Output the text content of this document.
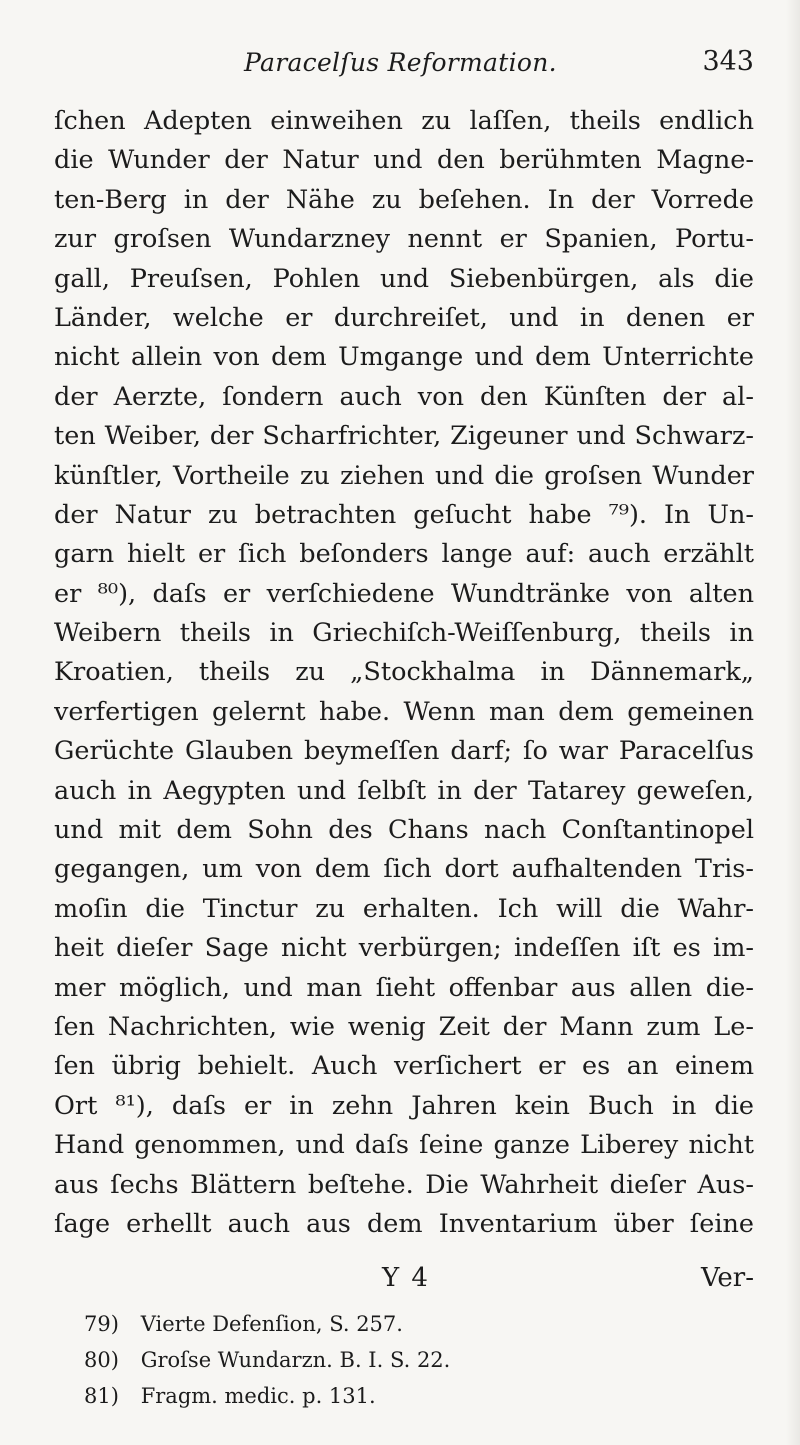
Paracelſus Reformation.	343
ſchen Adepten einweihen zu laſſen, theils endlich
die Wunder der Natur und den berühmten Magne-
ten-Berg in der Nähe zu beſehen. In der Vorrede
zur groſsen Wundarzney nennt er Spanien, Portu-
gall, Preuſsen, Pohlen und Siebenbürgen, als die
Länder, welche er durchreiſet, und in denen er
nicht allein von dem Umgange und dem Unterrichte
der Aerzte, ſondern auch von den Künſten der al-
ten Weiber, der Scharfrichter, Zigeuner und Schwarz-
künſtler, Vortheile zu ziehen und die groſsen Wunder
der Natur zu betrachten geſucht habe ⁷⁹). In Un-
garn hielt er ſich beſonders lange auf: auch erzählt
er ⁸⁰), daſs er verſchiedene Wundtränke von alten
Weibern theils in Griechiſch-Weiſſenburg, theils in
Kroatien, theils zu „Stockhalma in Dännemark„
verfertigen gelernt habe. Wenn man dem gemeinen
Gerüchte Glauben beymeſſen darf; ſo war Paracelſus
auch in Aegypten und ſelbſt in der Tatarey geweſen,
und mit dem Sohn des Chans nach Conſtantinopel
gegangen, um von dem ſich dort aufhaltenden Tris-
moſin die Tinctur zu erhalten. Ich will die Wahr-
heit dieſer Sage nicht verbürgen; indeſſen iſt es im-
mer möglich, und man ſieht offenbar aus allen die-
ſen Nachrichten, wie wenig Zeit der Mann zum Le-
ſen übrig behielt. Auch verſichert er es an einem
Ort ⁸¹), daſs er in zehn Jahren kein Buch in die
Hand genommen, und daſs ſeine ganze Liberey nicht
aus ſechs Blättern beſtehe. Die Wahrheit dieſer Aus-
ſage erhellt auch aus dem Inventarium über ſeine
Y 4	Ver-
79) Vierte Defenſion, S. 257.
80) Groſse Wundarzn. B. I. S. 22.
81) Fragm. medic. p. 131.
